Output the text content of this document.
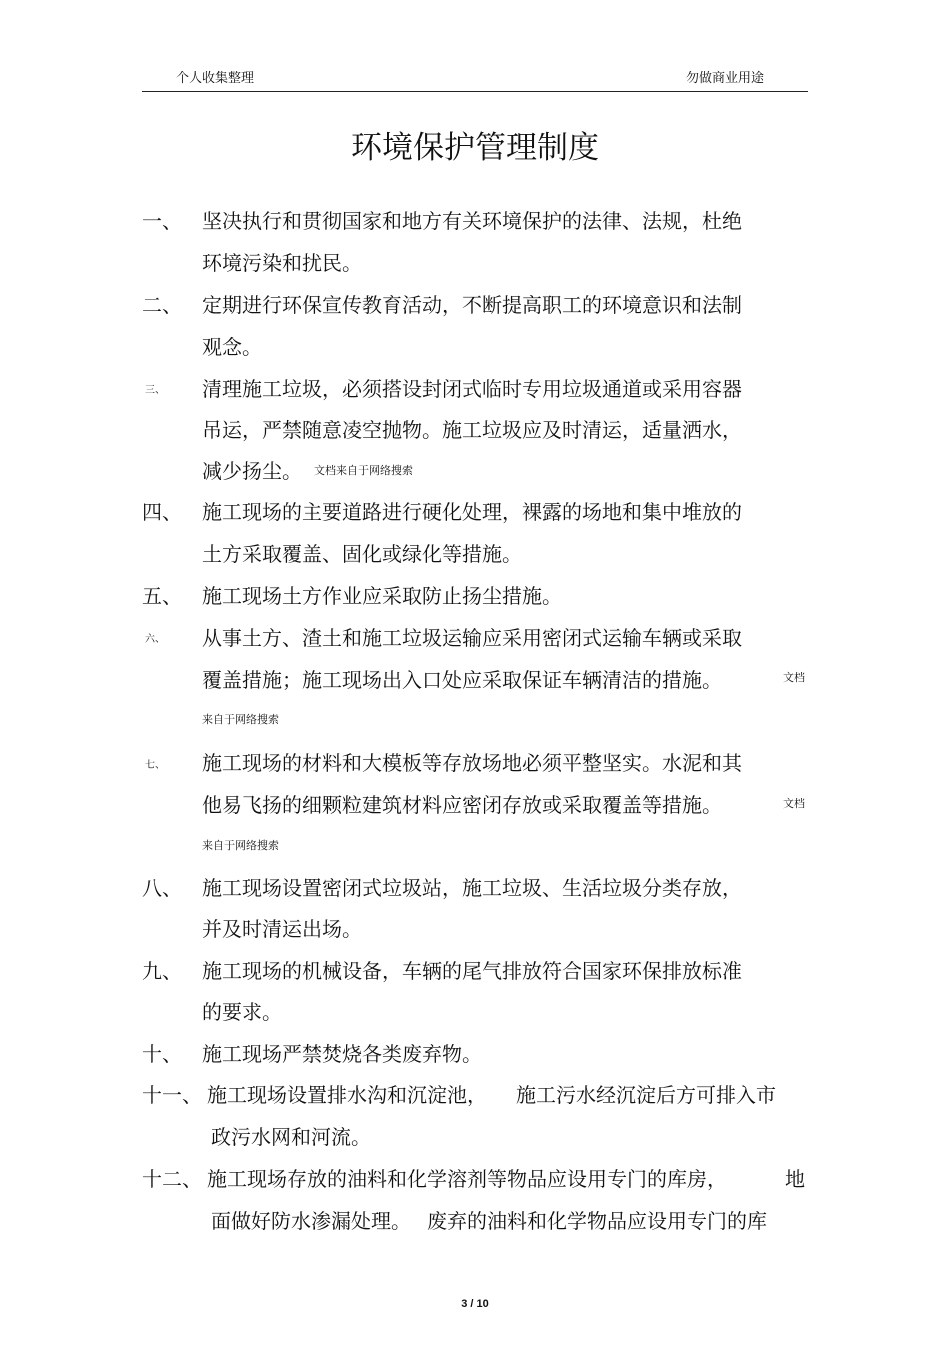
个人收集整理	勿做商业用途
环境保护管理制度
一、 坚决执行和贯彻国家和地方有关环境保护的法律、法规，杜绝
环境污染和扰民。
二、 定期进行环保宣传教育活动，不断提高职工的环境意识和法制
观念。
三、 清理施工垃圾，必须搭设封闭式临时专用垃圾通道或采用容器
吊运，严禁随意凌空抛物。施工垃圾应及时清运，适量洒水，
减少扬尘。 文档来自于网络搜索
四、 施工现场的主要道路进行硬化处理，裸露的场地和集中堆放的
土方采取覆盖、固化或绿化等措施。
五、 施工现场土方作业应采取防止扬尘措施。
六、 从事土方、渣土和施工垃圾运输应采用密闭式运输车辆或采取
覆盖措施；施工现场出入口处应采取保证车辆清洁的措施。	文档
来自于网络搜索
七、 施工现场的材料和大模板等存放场地必须平整坚实。水泥和其
他易飞扬的细颗粒建筑材料应密闭存放或采取覆盖等措施。	文档
来自于网络搜索
八、 施工现场设置密闭式垃圾站，施工垃圾、生活垃圾分类存放，
并及时清运出场。
九、 施工现场的机械设备，车辆的尾气排放符合国家环保排放标准
的要求。
十、 施工现场严禁焚烧各类废弃物。
十一、 施工现场设置排水沟和沉淀池， 施工污水经沉淀后方可排入市
政污水网和河流。
十二、 施工现场存放的油料和化学溶剂等物品应设用专门的库房，	地
面做好防水渗漏处理。 废弃的油料和化学物品应设用专门的库
3 / 10
